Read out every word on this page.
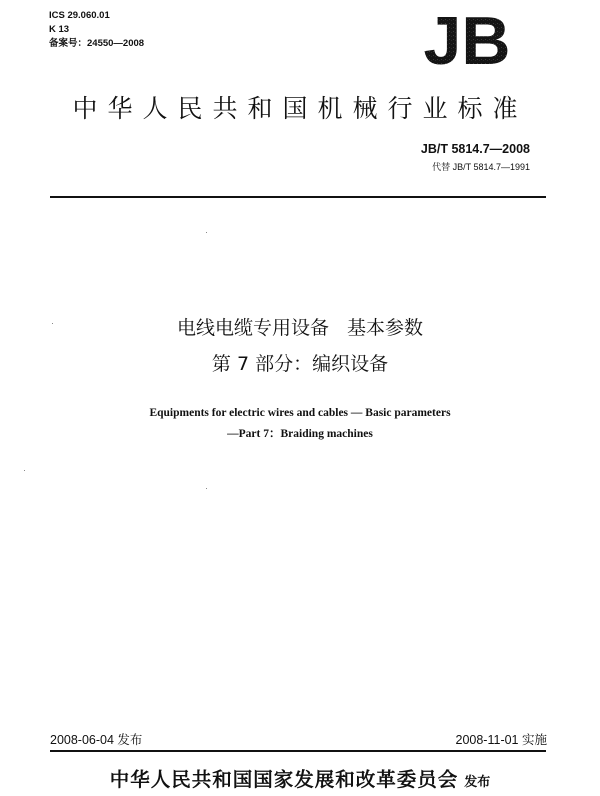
ICS 29.060.01
K 13
备案号：24550—2008	JB
中华人民共和国机械行业标准
JB/T 5814.7—2008
代替 JB/T 5814.7—1991
电线电缆专用设备   基本参数
第 7 部分：编织设备
Equipments for electric wires and cables — Basic parameters
—Part 7：Braiding machines
2008-06-04 发布	2008-11-01 实施
中华人民共和国国家发展和改革委员会 发布
